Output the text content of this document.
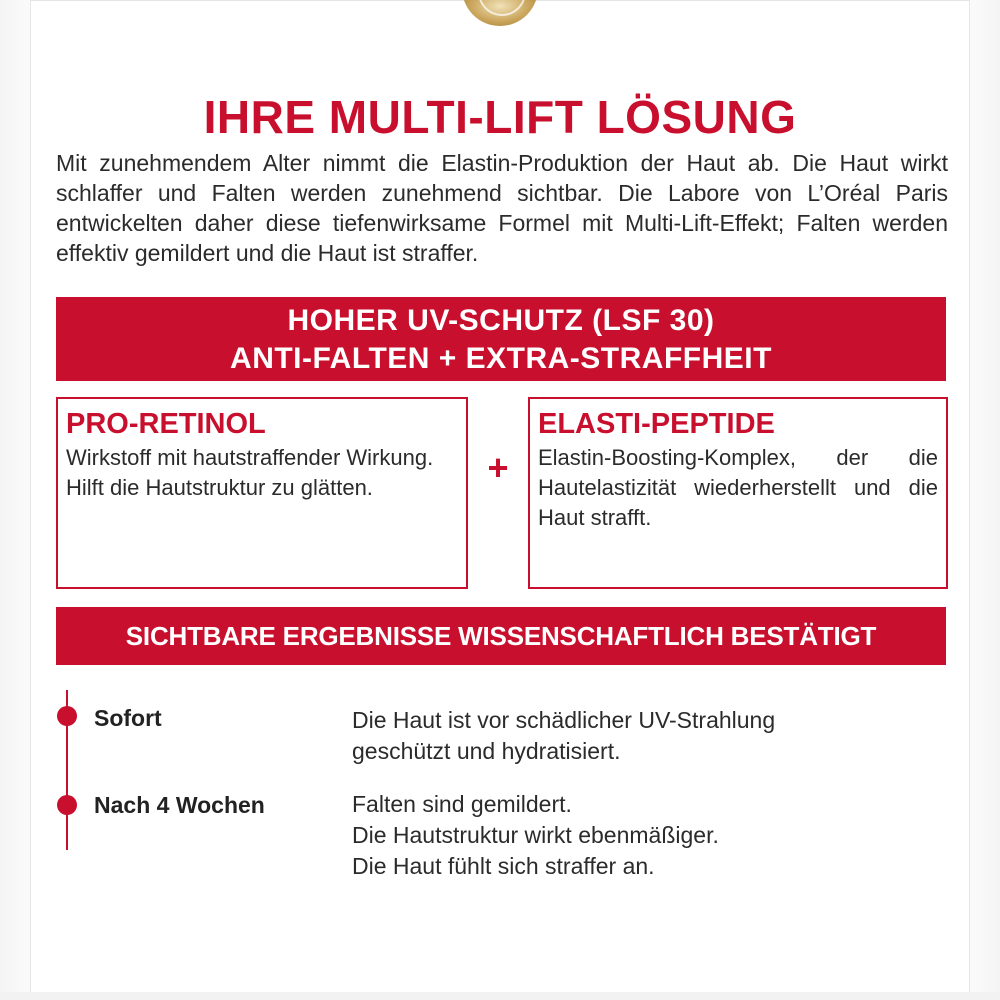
IHRE MULTI-LIFT LÖSUNG

Mit zunehmendem Alter nimmt die Elastin-Produktion der Haut ab. Die Haut wirkt schlaffer und Falten werden zunehmend sichtbar. Die Labore von L’Oréal Paris entwickelten daher diese tiefenwirksame Formel mit Multi-Lift-Effekt; Falten werden effektiv gemildert und die Haut ist straffer.

HOHER UV-SCHUTZ (LSF 30)
ANTI-FALTEN + EXTRA-STRAFFHEIT
PRO-RETINOL

Wirkstoff mit hautstraffender Wirkung. Hilft die Hautstruktur zu glätten.	+
ELASTI-PEPTIDE

Elastin-Boosting-Komplex, der die Hautelastizität wiederherstellt und die Haut strafft.

SICHTBARE ERGEBNISSE WISSENSCHAFTLICH BESTÄTIGT
Sofort	Die Haut ist vor schädlicher UV-Strahlung
geschützt und hydratisiert.
Nach 4 Wochen	Falten sind gemildert.
Die Hautstruktur wirkt ebenmäßiger.
Die Haut fühlt sich straffer an.
